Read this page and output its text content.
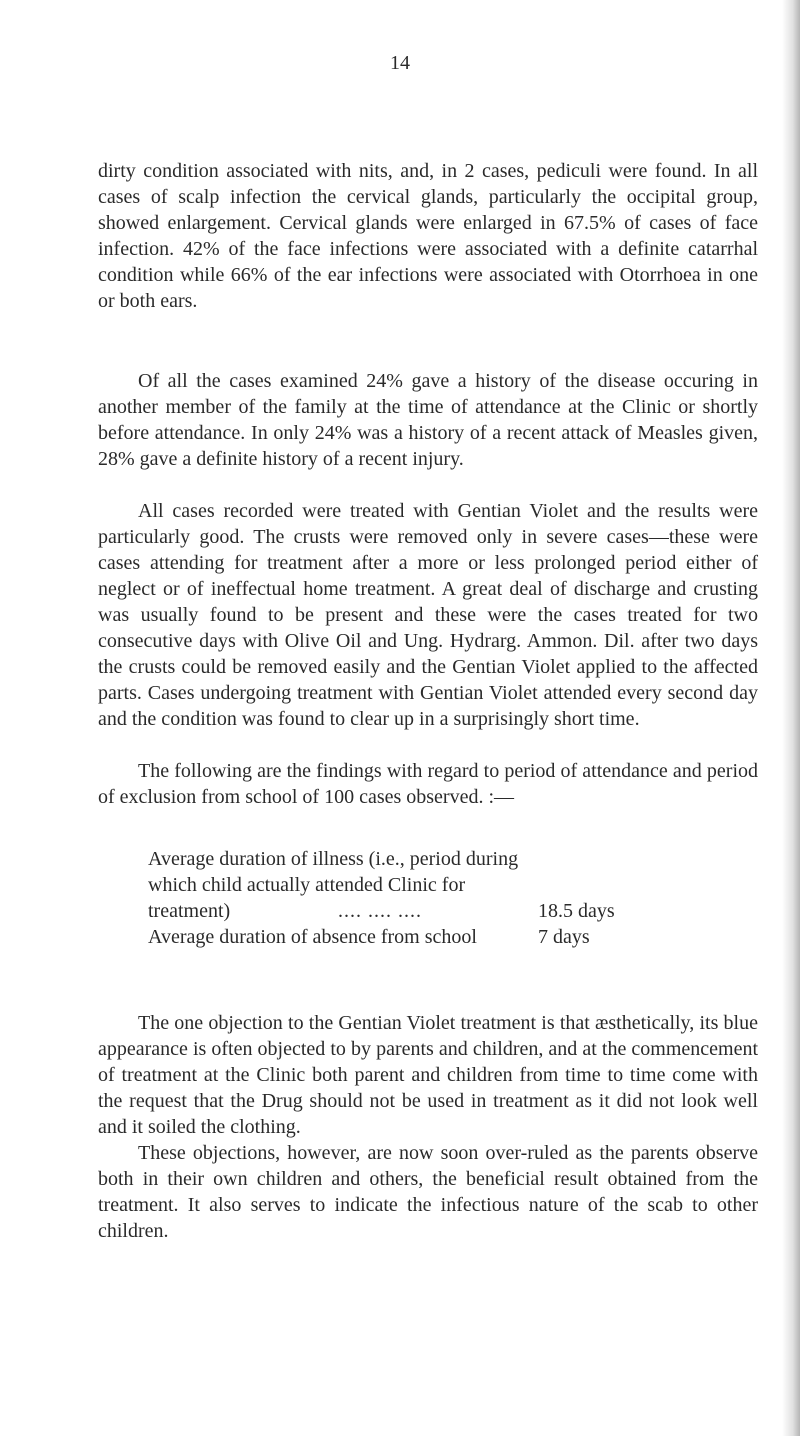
14

dirty condition associated with nits, and, in 2 cases, pediculi were found. In all cases of scalp infection the cervical glands, particularly the occipital group, showed enlargement. Cervical glands were enlarged in 67.5% of cases of face infection. 42% of the face infections were associated with a definite catarrhal condition while 66% of the ear infections were associated with Otorrhoea in one or both ears.

Of all the cases examined 24% gave a history of the disease occuring in another member of the family at the time of attendance at the Clinic or shortly before attendance. In only 24% was a history of a recent attack of Measles given, 28% gave a definite history of a recent injury.

All cases recorded were treated with Gentian Violet and the results were particularly good. The crusts were removed only in severe cases—these were cases attending for treatment after a more or less prolonged period either of neglect or of ineffectual home treatment. A great deal of discharge and crusting was usually found to be present and these were the cases treated for two consecutive days with Olive Oil and Ung. Hydrarg. Ammon. Dil. after two days the crusts could be removed easily and the Gentian Violet applied to the affected parts. Cases undergoing treatment with Gentian Violet attended every second day and the condition was found to clear up in a surprisingly short time.

The following are the findings with regard to period of attendance and period of exclusion from school of 100 cases observed. :—

Average duration of illness (i.e., period during which child actually attended Clinic for treatment)	.... .... ....	18.5 days
Average duration of absence from school	7 days

The one objection to the Gentian Violet treatment is that æsthetically, its blue appearance is often objected to by parents and children, and at the commencement of treatment at the Clinic both parent and children from time to time come with the request that the Drug should not be used in treatment as it did not look well and it soiled the clothing.

These objections, however, are now soon over-ruled as the parents observe both in their own children and others, the beneficial result obtained from the treatment. It also serves to indicate the infectious nature of the scab to other children.
